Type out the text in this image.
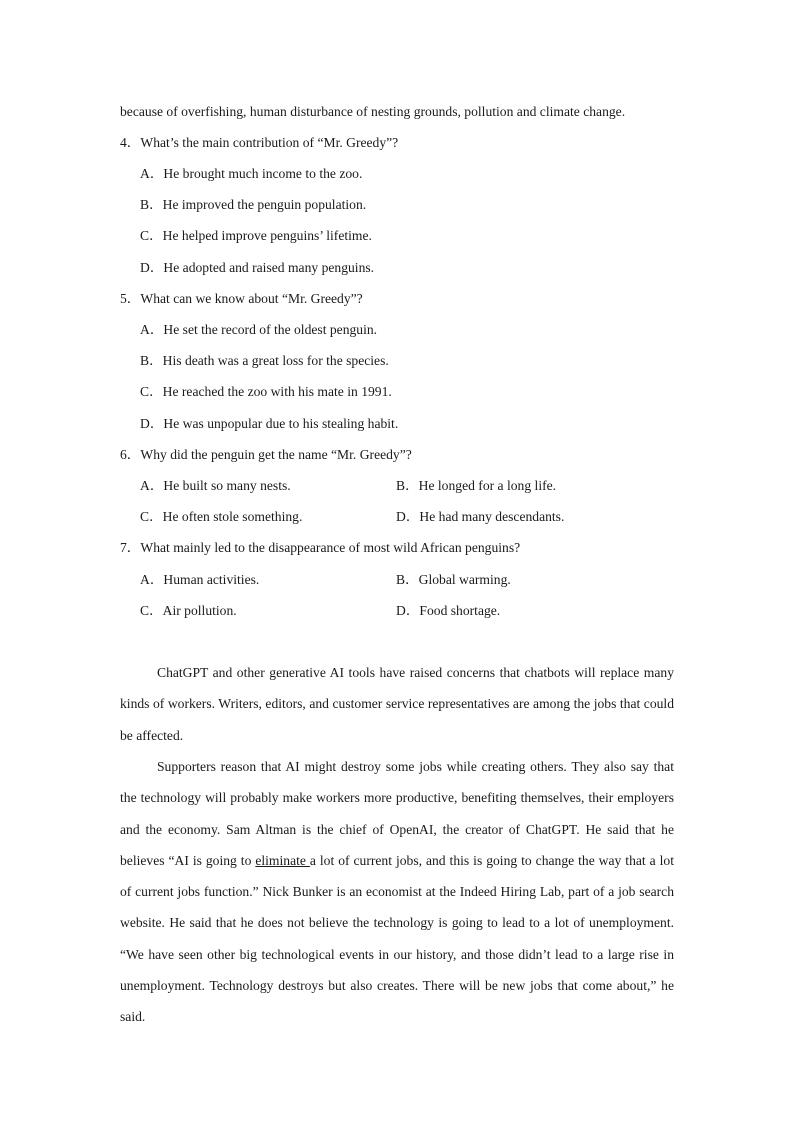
because of overfishing, human disturbance of nesting grounds, pollution and climate change.
4．What’s the main contribution of “Mr. Greedy”?
A．He brought much income to the zoo.
B．He improved the penguin population.
C．He helped improve penguins’ lifetime.
D．He adopted and raised many penguins.
5．What can we know about “Mr. Greedy”?
A．He set the record of the oldest penguin.
B．His death was a great loss for the species.
C．He reached the zoo with his mate in 1991.
D．He was unpopular due to his stealing habit.
6．Why did the penguin get the name “Mr. Greedy”?
A．He built so many nests.	B．He longed for a long life.
C．He often stole something.	D．He had many descendants.
7．What mainly led to the disappearance of most wild African penguins?
A．Human activities.	B．Global warming.
C．Air pollution.	D．Food shortage.
ChatGPT and other generative AI tools have raised concerns that chatbots will replace many kinds of workers. Writers, editors, and customer service representatives are among the jobs that could be affected.
Supporters reason that AI might destroy some jobs while creating others. They also say that the technology will probably make workers more productive, benefiting themselves, their employers and the economy. Sam Altman is the chief of OpenAI, the creator of ChatGPT. He said that he believes “AI is going to eliminate a lot of current jobs, and this is going to change the way that a lot of current jobs function.” Nick Bunker is an economist at the Indeed Hiring Lab, part of a job search website. He said that he does not believe the technology is going to lead to a lot of unemployment. “We have seen other big technological events in our history, and those didn’t lead to a large rise in unemployment. Technology destroys but also creates. There will be new jobs that come about,” he said.
